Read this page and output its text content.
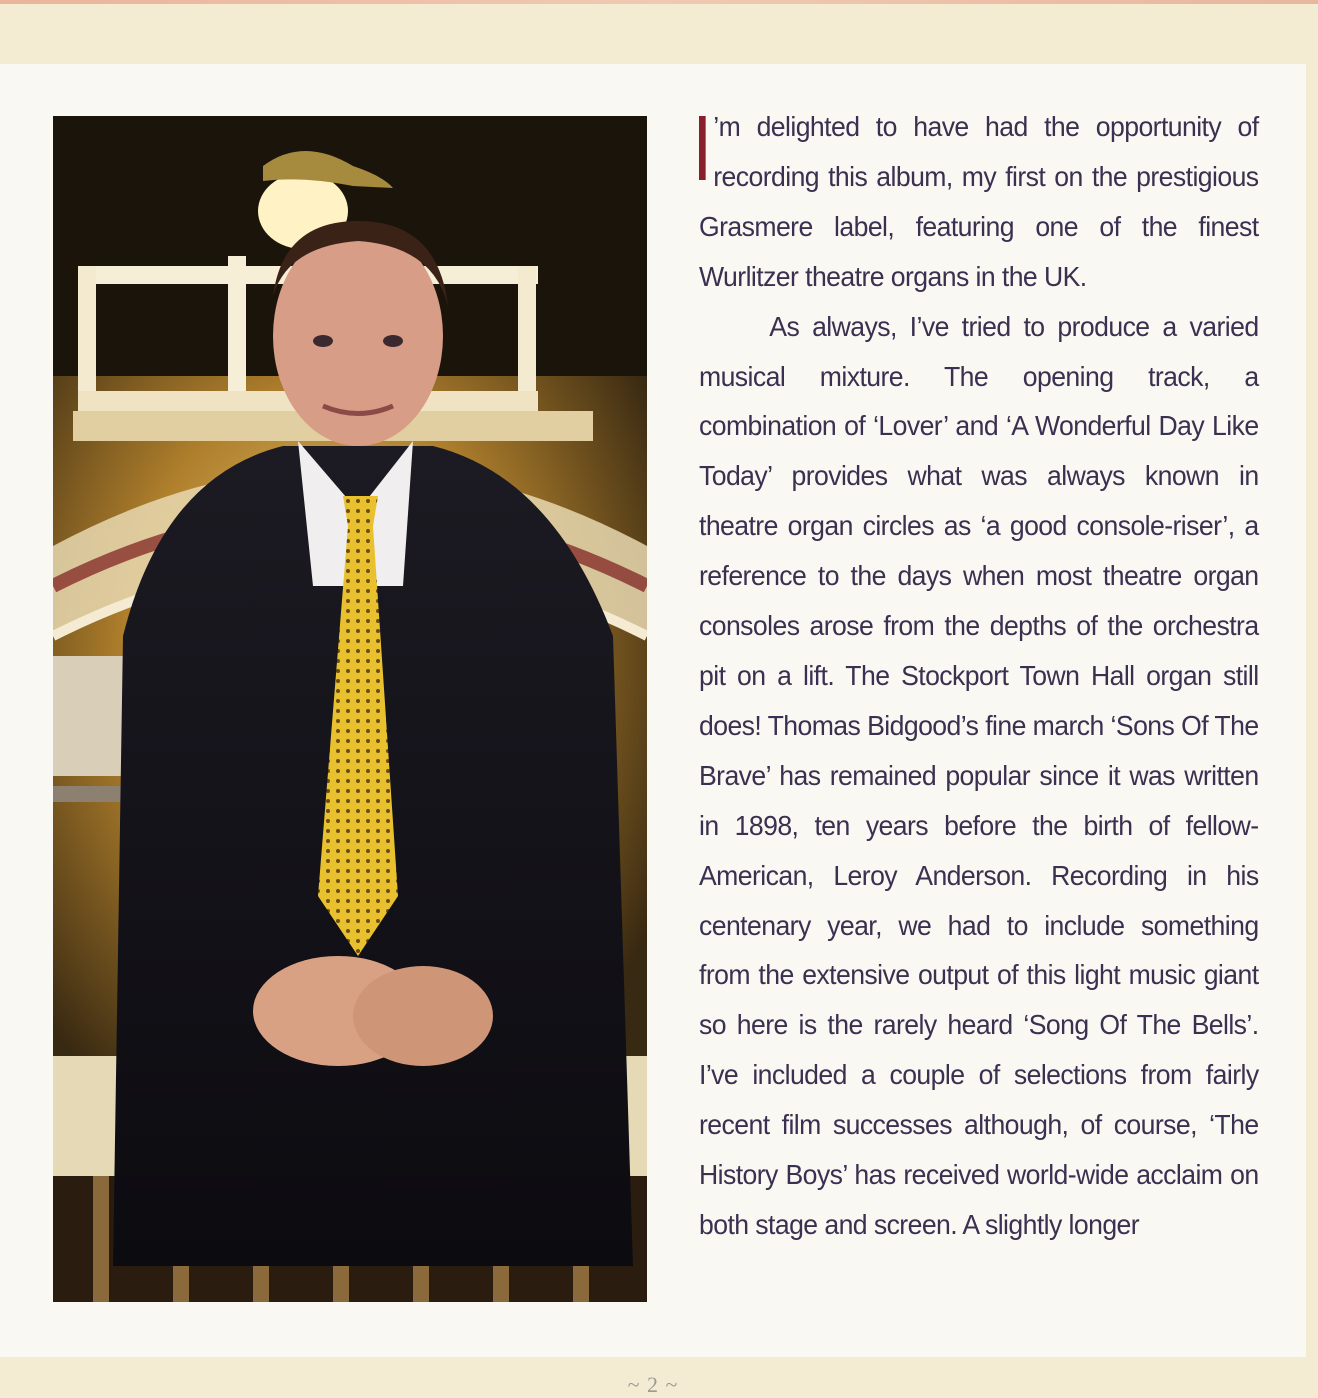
’m delighted to have had the opportunity of recording this album, my first on the prestigious Grasmere label, featuring one of the finest Wurlitzer theatre organs in the UK.

As always, I’ve tried to produce a varied musical mixture. The opening track, a combination of ‘Lover’ and ‘A Wonderful Day Like Today’ provides what was always known in theatre organ circles as ‘a good console-riser’, a reference to the days when most theatre organ consoles arose from the depths of the orchestra pit on a lift. The Stockport Town Hall organ still does! Thomas Bidgood’s fine march ‘Sons Of The Brave’ has remained popular since it was written in 1898, ten years before the birth of fellow-American, Leroy Anderson. Recording in his centenary year, we had to include something from the extensive output of this light music giant so here is the rarely heard ‘Song Of The Bells’. I’ve included a couple of selections from fairly recent film successes although, of course, ‘The History Boys’ has received world-wide acclaim on both stage and screen. A slightly longer

~ 2 ~
